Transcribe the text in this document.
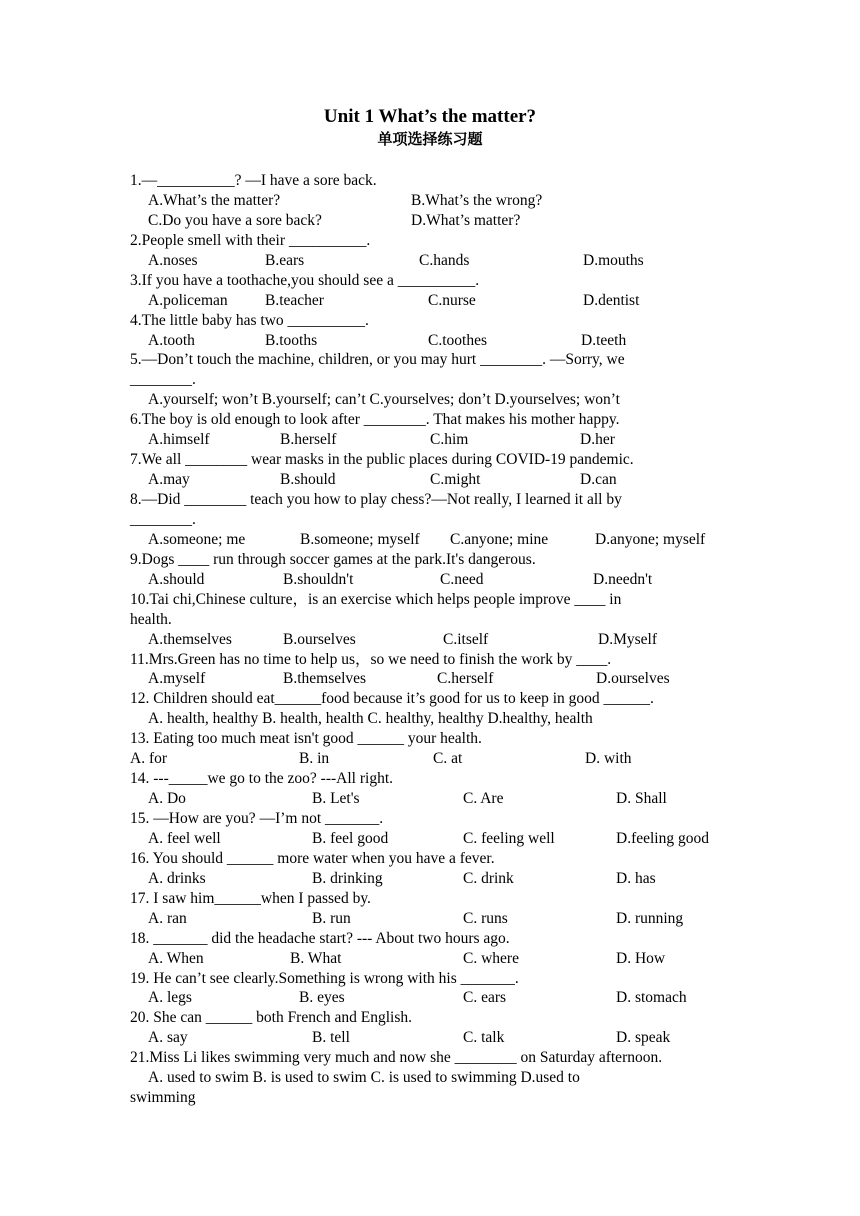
Unit 1 What’s the matter?
单项选择练习题
1.—__________? —I have a sore back.
A.What’s the matter?	B.What’s the wrong?
C.Do you have a sore back?	D.What’s matter?
2.People smell with their __________.
A.noses	B.ears	C.hands	D.mouths
3.If you have a toothache,you should see a __________.
A.policeman B.teacher	C.nurse	D.dentist
4.The little baby has two __________.
A.tooth	B.tooths	C.toothes	D.teeth
5.—Don’t touch the machine, children, or you may hurt ________. —Sorry, we
________.
A.yourself; won’t B.yourself; can’t C.yourselves; don’t D.yourselves; won’t
6.The boy is old enough to look after ________. That makes his mother happy.
A.himself	B.herself	C.him	D.her
7.We all ________ wear masks in the public places during COVID-19 pandemic.
A.may	B.should	C.might	D.can
8.—Did ________ teach you how to play chess?—Not really, I learned it all by
________.
A.someone; me	B.someone; myself C.anyone; mine	D.anyone; myself
9.Dogs ____ run through soccer games at the park.It's dangerous.
A.should	B.shouldn't	C.need	D.needn't
10.Tai chi,Chinese culture，is an exercise which helps people improve ____ in
health.
A.themselves	B.ourselves	C.itself	D.Myself
11.Mrs.Green has no time to help us，so we need to finish the work by ____.
A.myself	B.themselves	C.herself	D.ourselves
12. Children should eat______food because it’s good for us to keep in good ______.
A. health, healthy B. health, health C. healthy, healthy D.healthy, health
13. Eating too much meat isn't good ______ your health.
A. for	B. in	C. at	D. with
14. ---_____we go to the zoo? ---All right.
A. Do	B. Let's	C. Are	D. Shall
15. —How are you? —I’m not _______.
A. feel well	B. feel good	C. feeling well	D.feeling good
16. You should ______ more water when you have a fever.
A. drinks	B. drinking	C. drink	D. has
17. I saw him______when I passed by.
A. ran	B. run	C. runs	D. running
18. _______ did the headache start? --- About two hours ago.
A. When	B. What	C. where	D. How
19. He can’t see clearly.Something is wrong with his _______.
A. legs	B. eyes	C. ears	D. stomach
20. She can ______ both French and English.
A. say	B. tell	C. talk	D. speak
21.Miss Li likes swimming very much and now she ________ on Saturday afternoon.
A. used to swim B. is used to swim C. is used to swimming D.used to
swimming
